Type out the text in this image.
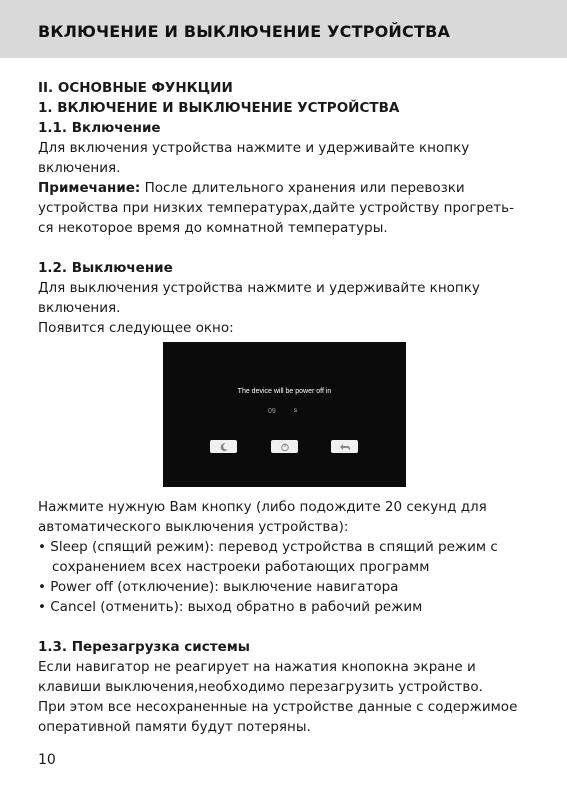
ВКЛЮЧЕНИЕ И ВЫКЛЮЧЕНИЕ УСТРОЙСТВА
II. ОСНОВНЫЕ ФУНКЦИИ
1. ВКЛЮЧЕНИЕ И ВЫКЛЮЧЕНИЕ УСТРОЙСТВА
1.1. Включение
Для включения устройства нажмите и удерживайте кнопку
включения.
Примечание: После длительного хранения или перевозки
устройства при низких температурах,дайте устройству прогреть-
ся некоторое время до комнатной температуры.
1.2. Выключение
Для выключения устройства нажмите и удерживайте кнопку
включения.
Появится следующее окно:
The device will be power off in
09	s
Нажмите нужную Вам кнопку (либо подождите 20 секунд для
автоматического выключения устройства):
• Sleep (спящий режим): перевод устройства в спящий режим с сохранением всех настроеки работающих программ
• Power off (отключение): выключение навигатора
• Cancel (отменить): выход обратно в рабочий режим
1.3. Перезагрузка системы
Если навигатор не реагирует на нажатия кнопокна экране и
клавиши выключения,необходимо перезагрузить устройство.
При этом все несохраненные на устройстве данные с содержимое
оперативной памяти будут потеряны.
10
